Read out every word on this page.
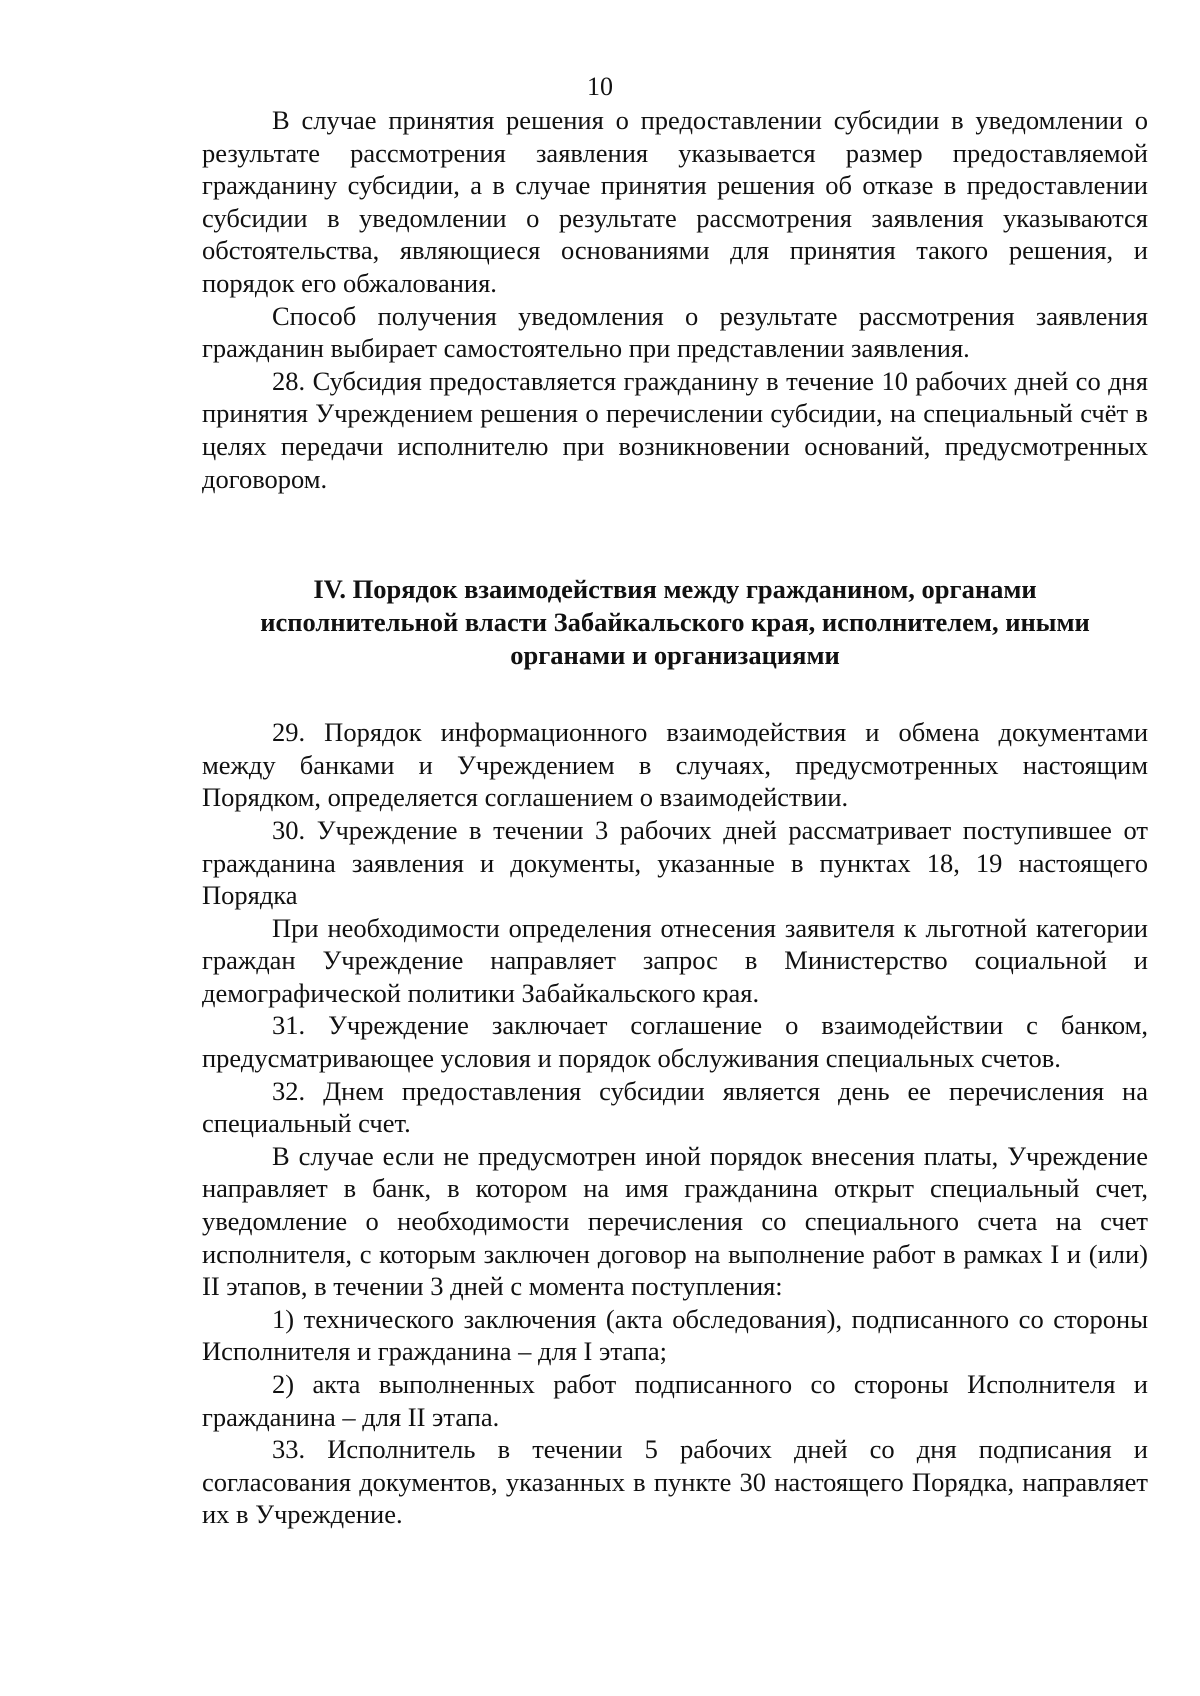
10

В случае принятия решения о предоставлении субсидии в уведомлении о результате рассмотрения заявления указывается размер предоставляемой гражданину субсидии, а в случае принятия решения об отказе в предоставлении субсидии в уведомлении о результате рассмотрения заявления указываются обстоятельства, являющиеся основаниями для принятия такого решения, и порядок его обжалования.

Способ получения уведомления о результате рассмотрения заявления гражданин выбирает самостоятельно при представлении заявления.

28. Субсидия предоставляется гражданину в течение 10 рабочих дней со дня принятия Учреждением решения о перечислении субсидии, на специальный счёт в целях передачи исполнителю при возникновении оснований, предусмотренных договором.

IV. Порядок взаимодействия между гражданином, органами
исполнительной власти Забайкальского края, исполнителем, иными
органами и организациями

29. Порядок информационного взаимодействия и обмена документами между банками и Учреждением в случаях, предусмотренных настоящим Порядком, определяется соглашением о взаимодействии.

30. Учреждение в течении 3 рабочих дней рассматривает поступившее от гражданина заявления и документы, указанные в пунктах 18, 19 настоящего Порядка

При необходимости определения отнесения заявителя к льготной категории граждан Учреждение направляет запрос в Министерство социальной и демографической политики Забайкальского края.

31. Учреждение заключает соглашение о взаимодействии с банком, предусматривающее условия и порядок обслуживания специальных счетов.

32. Днем предоставления субсидии является день ее перечисления на специальный счет.

В случае если не предусмотрен иной порядок внесения платы, Учреждение направляет в банк, в котором на имя гражданина открыт специальный счет, уведомление о необходимости перечисления со специального счета на счет исполнителя, с которым заключен договор на выполнение работ в рамках I и (или) II этапов, в течении 3 дней с момента поступления:

1) технического заключения (акта обследования), подписанного со стороны Исполнителя и гражданина – для I этапа;

2) акта выполненных работ подписанного со стороны Исполнителя и гражданина – для II этапа.

33. Исполнитель в течении 5 рабочих дней со дня подписания и согласования документов, указанных в пункте 30 настоящего Порядка, направляет их в Учреждение.
